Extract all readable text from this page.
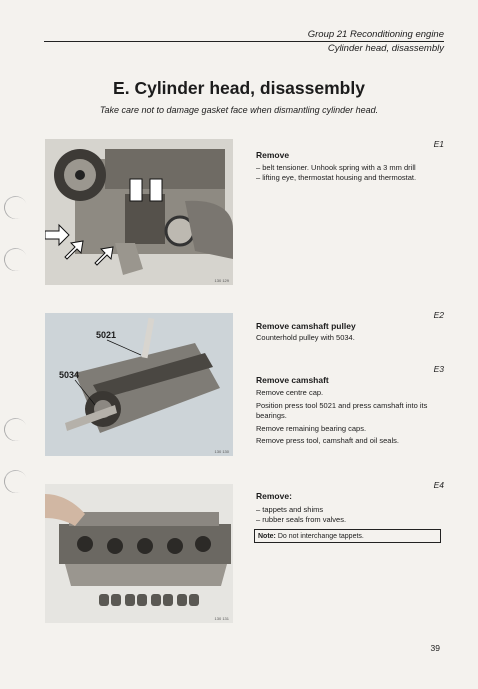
Group 21 Reconditioning engine
Cylinder head, disassembly
E. Cylinder head, disassembly
Take care not to damage gasket face when dismantling cylinder head.
130 129
5021
5034
130 130
130 131
E1
Remove
– belt tensioner. Unhook spring with a 3 mm drill
– lifting eye, thermostat housing and thermostat.
E2
Remove camshaft pulley
Counterhold pulley with 5034.
E3
Remove camshaft
Remove centre cap.
Position press tool 5021 and press camshaft into its bearings.
Remove remaining bearing caps.
Remove press tool, camshaft and oil seals.
E4
Remove:
– tappets and shims
– rubber seals from valves.
Note: Do not interchange tappets.
39
